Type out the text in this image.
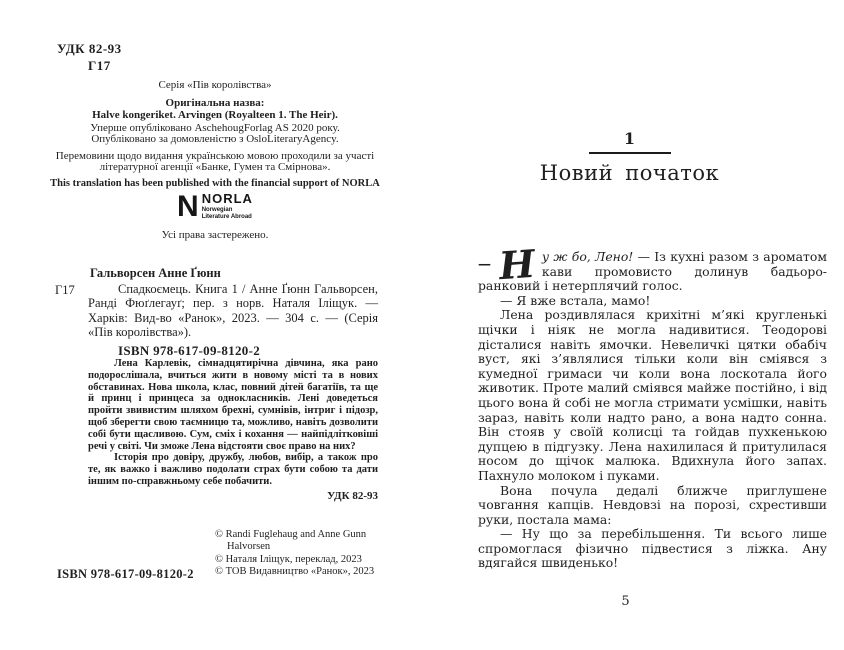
УДК 82-93
Г17
Серія «Пів королівства»
Оригінальна назва:
Halve kongeriket. Arvingen (Royalteen 1. The Heir).
Уперше опубліковано AschehougForlag AS 2020 року.
Опубліковано за домовленістю з OsloLiteraryAgency.
Перемовини щодо видання українською мовою проходили за участі
літературної агенції «Банке, Гумен та Смірнова».
This translation has been published with the financial support of NORLA
N NORLA
Norwegian
Literature Abroad
Усі права застережено.
Гальворсен Анне Ґюнн
Г17	Спадкоємець. Книга 1 / Анне Ґюнн Гальворсен, Ранді Фюґлегауґ; пер. з норв. Наталя Іліщук. — Харків: Вид-во «Ранок», 2023. — 304 с. — (Серія «Пів королівства»).
ISBN 978-617-09-8120-2

Лена Карлевік, сімнадцятирічна дівчина, яка рано подорослішала, вчиться жити в новому місті та в нових обставинах. Нова школа, клас, повний дітей багатіїв, та ще й принц і принцеса за однокласників. Лені доведеться пройти звивистим шляхом брехні, сумнівів, інтриг і підозр, щоб зберегти свою таємницю та, можливо, навіть дозволити собі бути щасливою. Сум, сміх і кохання — найпідлітковіші речі у світі. Чи зможе Лена відстояти своє право на них?

Історія про довіру, дружбу, любов, вибір, а також про те, як важко і важливо подолати страх бути собою та дати іншим по-справжньому себе побачити.

УДК 82-93

© Randi Fuglehaug and Anne Gunn Halvorsen
© Наталя Іліщук, переклад, 2023
© ТОВ Видавництво «Ранок», 2023
ISBN 978-617-09-8120-2
1
Новий початок

— Н у ж бо, Лено! — Із кухні разом з ароматом кави промовисто долинув бадьоро-ранковий і нетерплячий голос.

— Я вже встала, мамо!

Лена роздивлялася крихітні м’які кругленькі щічки і ніяк не могла надивитися. Теодорові дісталися навіть ямочки. Невеличкі цятки обабіч вуст, які з’являлися тільки коли він сміявся з кумедної гримаси чи коли вона лоскотала його животик. Проте малий сміявся майже постійно, і від цього вона й собі не могла стримати усмішки, навіть зараз, навіть коли надто рано, а вона надто сонна. Він стояв у своїй колисці та гойдав пухкенькою дупцею в підгузку. Лена нахилилася й притулилася носом до щічок малюка. Вдихнула його запах. Пахнуло молоком і пуками.

Вона почула дедалі ближче приглушене човгання капців. Невдовзі на порозі, схрестивши руки, постала мама:

— Ну що за перебільшення. Ти всього лише спромоглася фізично підвестися з ліжка. Ану вдягайся швиденько!

5
